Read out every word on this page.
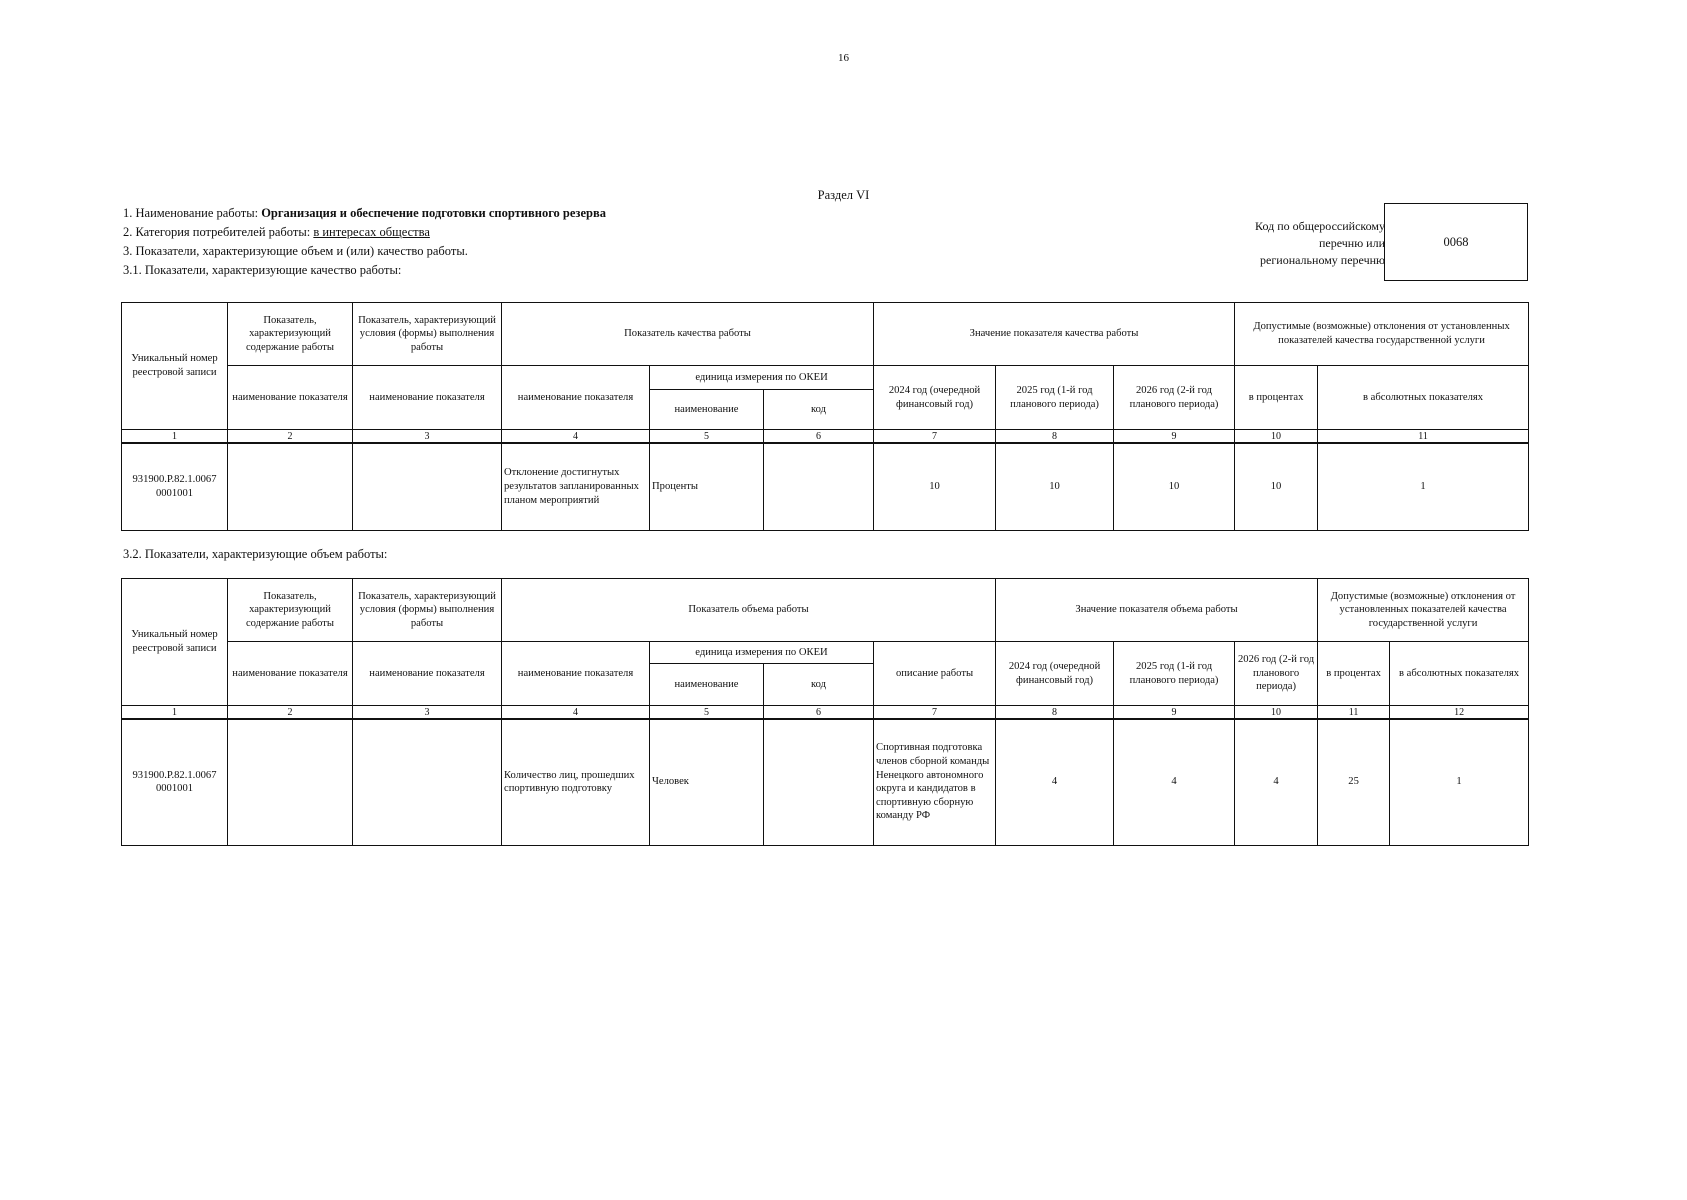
16
Раздел VI
1. Наименование работы: Организация и обеспечение подготовки спортивного резерва
2. Категория потребителей работы: в интересах общества
3. Показатели, характеризующие объем и (или) качество работы.
3.1. Показатели, характеризующие качество работы:
Код по общероссийскому
перечню или
региональному перечню
0068
Уникальный номер реестровой записи	Показатель, характеризующий содержание работы	Показатель, характеризующий условия (формы) выполнения работы	Показатель качества работы			Значение показателя качества работы			Допустимые (возможные) отклонения от установленных показателей качества государственной услуги	
	наименование показателя	наименование показателя	наименование показателя	единица измерения по ОКЕИ		2024 год (очередной финансовый год)	2025 год (1-й год планового периода)	2026 год (2-й год планового периода)	в процентах	в абсолютных показателях
				наименование	код					
1	2	3	4	5	6	7	8	9	10	11
931900.Р.82.1.0067 0001001			Отклонение достигнутых результатов запланированных планом мероприятий	Проценты		10	10	10	10	1
3.2. Показатели, характеризующие объем работы:
Уникальный номер реестровой записи	Показатель, характеризующий содержание работы	Показатель, характеризующий условия (формы) выполнения работы	Показатель объема работы				Значение показателя объема работы			Допустимые (возможные) отклонения от установленных показателей качества государственной услуги	
	наименование показателя	наименование показателя	наименование показателя	единица измерения по ОКЕИ		описание работы	2024 год (очередной финансовый год)	2025 год (1-й год планового периода)	2026 год (2-й год планового периода)	в процентах	в абсолютных показателях
				наименование	код						
1	2	3	4	5	6	7	8	9	10	11	12
931900.Р.82.1.0067 0001001			Количество лиц, прошедших спортивную подготовку	Человек		Спортивная подготовка членов сборной команды Ненецкого автономного округа и кандидатов в спортивную сборную команду РФ	4	4	4	25	1
